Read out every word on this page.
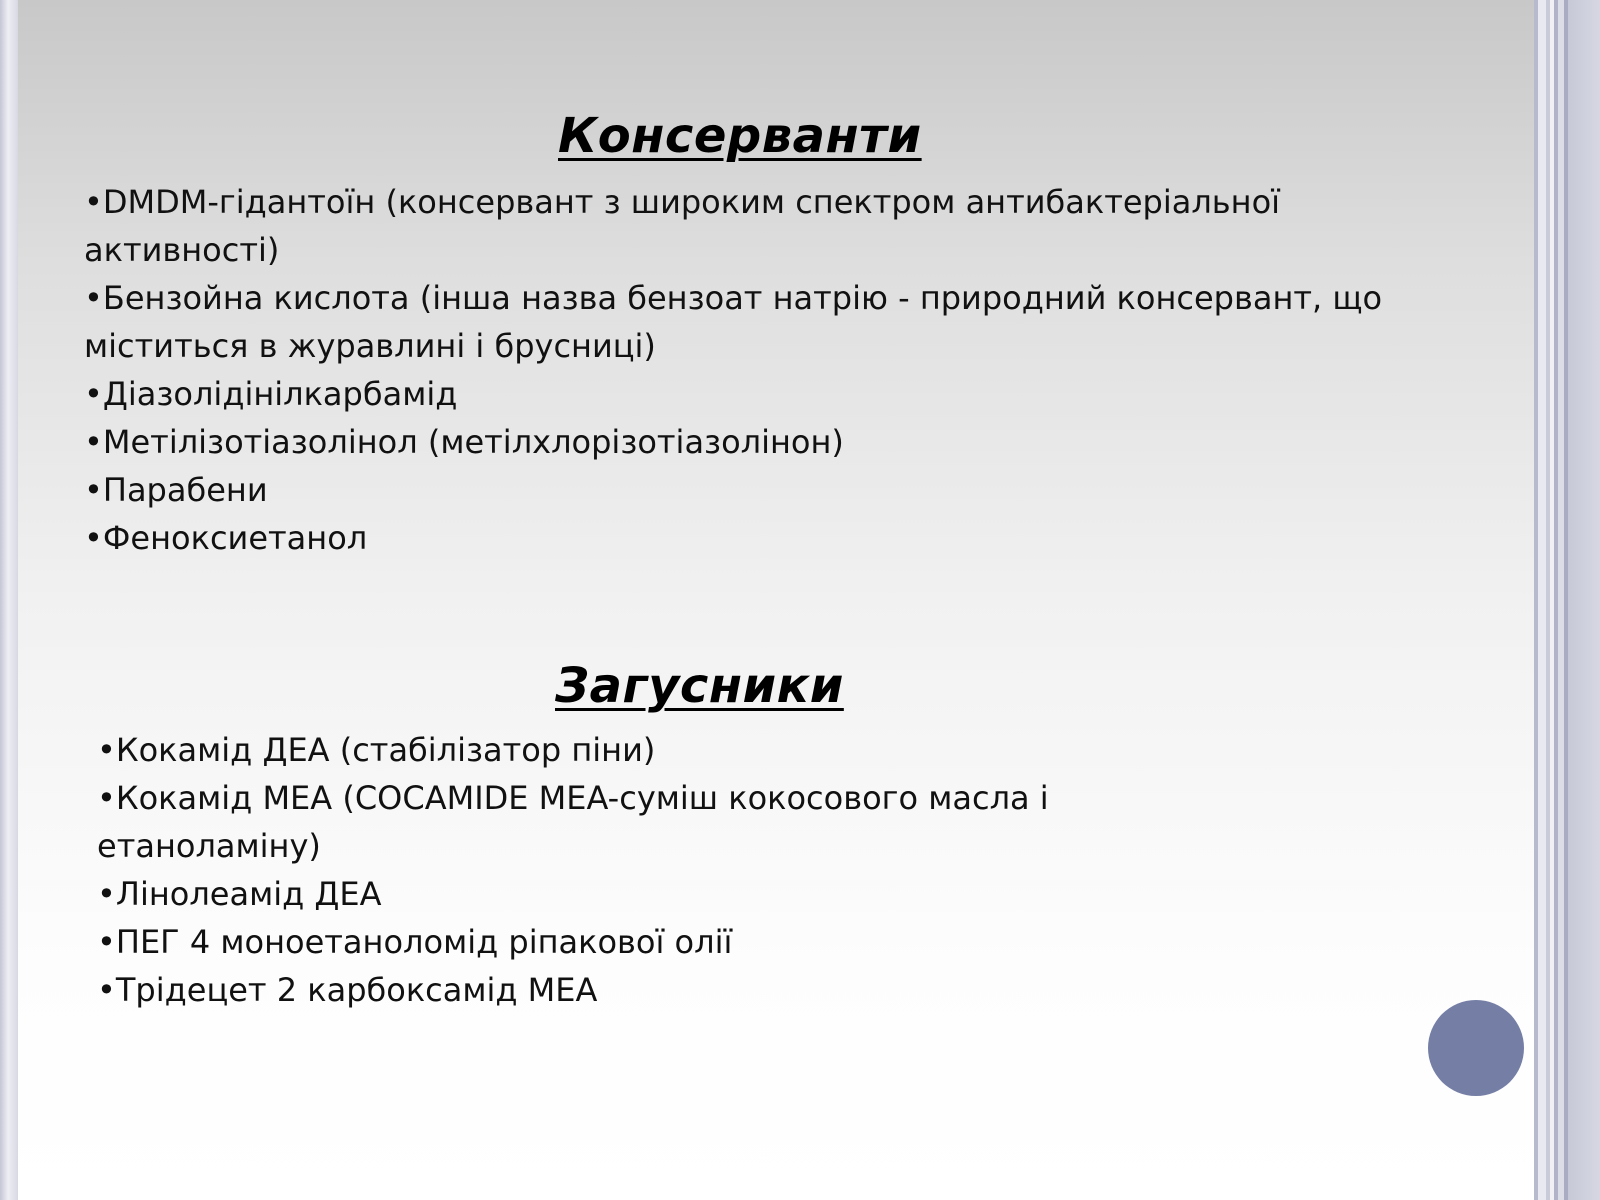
Консерванти
•DMDM-гідантоїн (консервант з широким спектром антибактеріальної активності)
•Бензойна кислота (інша назва бензоат натрію - природний консервант, що міститься в журавлині і брусниці)
•Діазолідінілкарбамід
•Метілізотіазолінол (метілхлорізотіазолінон)
•Парабени
•Феноксиетанол
Загусники
•Кокамід ДЕА (стабілізатор піни)
•Кокамід МЕА (COCAMIDE MEA-суміш кокосового масла і етаноламіну)
•Лінолеамід ДЕА
•ПЕГ 4 моноетаноломід ріпакової олії
•Трідецет 2 карбоксамід МЕА
